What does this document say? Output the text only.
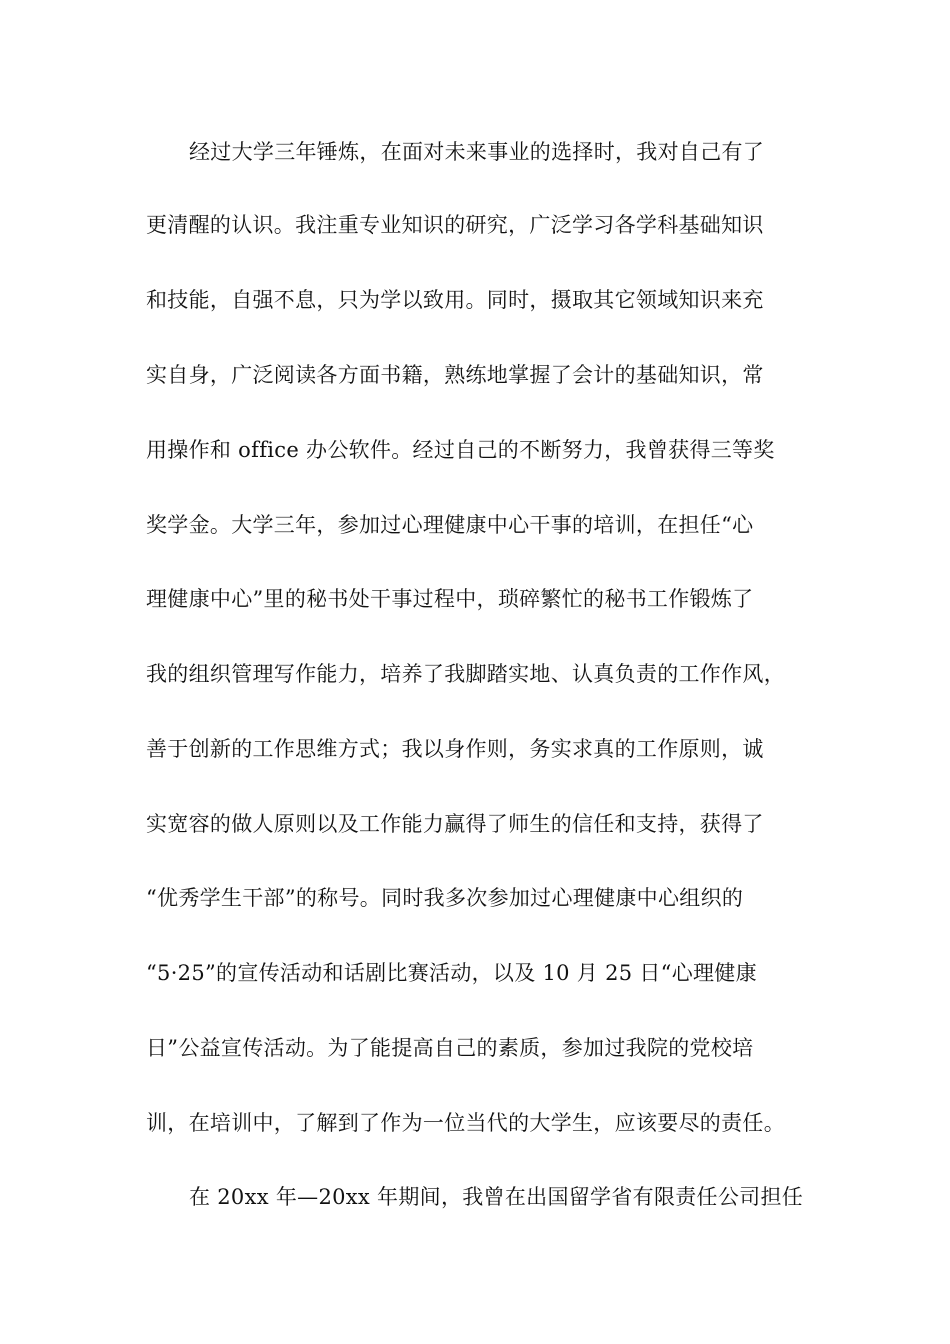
经过大学三年锤炼，在面对未来事业的选择时，我对自己有了
更清醒的认识。我注重专业知识的研究，广泛学习各学科基础知识
和技能，自强不息，只为学以致用。同时，摄取其它领域知识来充
实自身，广泛阅读各方面书籍，熟练地掌握了会计的基础知识，常
用操作和 office 办公软件。经过自己的不断努力，我曾获得三等奖
奖学金。大学三年，参加过心理健康中心干事的培训，在担任“心
理健康中心”里的秘书处干事过程中，琐碎繁忙的秘书工作锻炼了
我的组织管理写作能力，培养了我脚踏实地、认真负责的工作作风，
善于创新的工作思维方式；我以身作则，务实求真的工作原则，诚
实宽容的做人原则以及工作能力赢得了师生的信任和支持，获得了
“优秀学生干部”的称号。同时我多次参加过心理健康中心组织的
“5·25”的宣传活动和话剧比赛活动，以及 10 月 25 日“心理健康
日”公益宣传活动。为了能提高自己的素质，参加过我院的党校培
训，在培训中，了解到了作为一位当代的大学生，应该要尽的责任。
在 20xx 年—20xx 年期间，我曾在出国留学省有限责任公司担任
